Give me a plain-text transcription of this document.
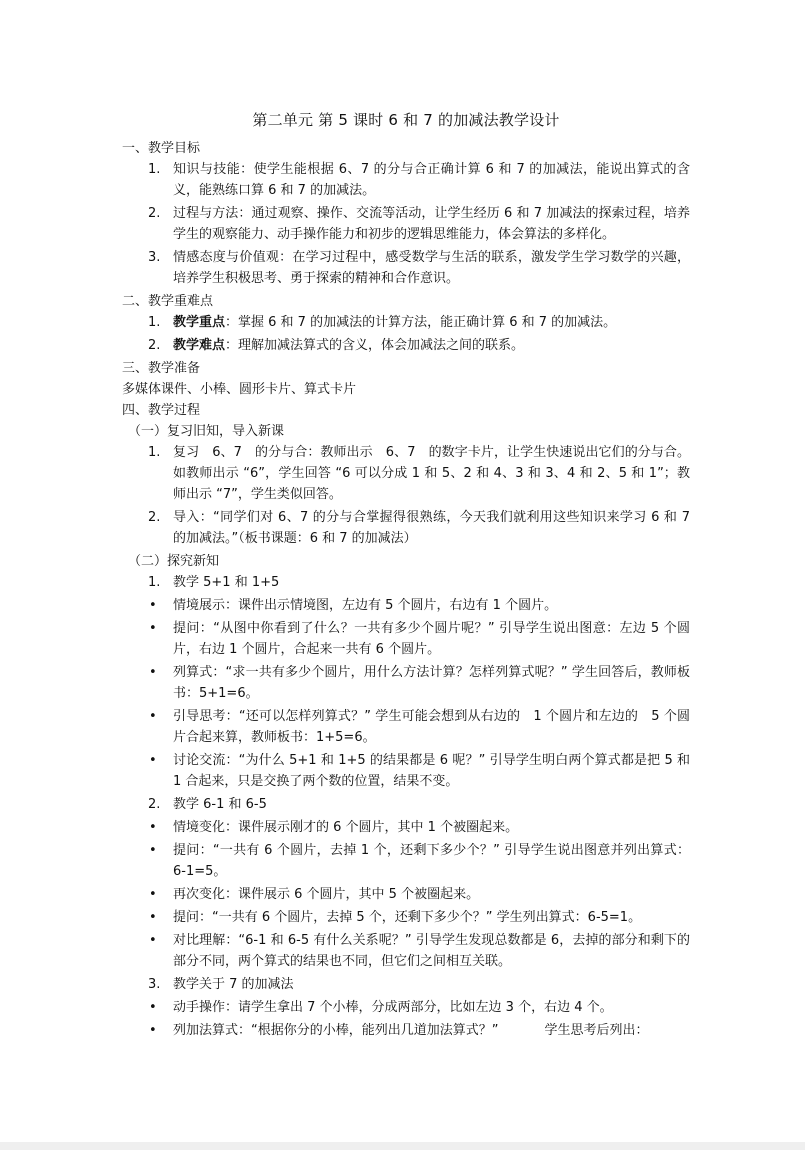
第二单元 第 5 课时 6 和 7 的加减法教学设计
一、教学目标
1. 知识与技能：使学生能根据 6、7 的分与合正确计算 6 和 7 的加减法，能说出算式的含义，能熟练口算 6 和 7 的加减法。
2. 过程与方法：通过观察、操作、交流等活动，让学生经历 6 和 7 加减法的探索过程，培养学生的观察能力、动手操作能力和初步的逻辑思维能力，体会算法的多样化。
3. 情感态度与价值观：在学习过程中，感受数学与生活的联系，激发学生学习数学的兴趣，培养学生积极思考、勇于探索的精神和合作意识。
二、教学重难点
1. 教学重点：掌握 6 和 7 的加减法的计算方法，能正确计算 6 和 7 的加减法。
2. 教学难点：理解加减法算式的含义，体会加减法之间的联系。
三、教学准备
多媒体课件、小棒、圆形卡片、算式卡片
四、教学过程
（一）复习旧知，导入新课
1. 复习　6、7　的分与合：教师出示　6、7　的数字卡片，让学生快速说出它们的分与合。如教师出示 “6”，学生回答 “6 可以分成 1 和 5、2 和 4、3 和 3、4 和 2、5 和 1”；教师出示 “7”，学生类似回答。
2. 导入：“同学们对 6、7 的分与合掌握得很熟练，今天我们就利用这些知识来学习 6 和 7 的加减法。”（板书课题：6 和 7 的加减法）
（二）探究新知
1. 教学 5+1 和 1+5
•	情境展示：课件出示情境图，左边有 5 个圆片，右边有 1 个圆片。
•	提问：“从图中你看到了什么？一共有多少个圆片呢？” 引导学生说出图意：左边 5 个圆片，右边 1 个圆片，合起来一共有 6 个圆片。
•	列算式：“求一共有多少个圆片，用什么方法计算？怎样列算式呢？” 学生回答后，教师板书：5+1=6。
•	引导思考：“还可以怎样列算式？” 学生可能会想到从右边的　1 个圆片和左边的　5 个圆片合起来算，教师板书：1+5=6。
•	讨论交流：“为什么 5+1 和 1+5 的结果都是 6 呢？” 引导学生明白两个算式都是把 5 和 1 合起来，只是交换了两个数的位置，结果不变。
2. 教学 6-1 和 6-5
•	情境变化：课件展示刚才的 6 个圆片，其中 1 个被圈起来。
•	提问：“一共有 6 个圆片，去掉 1 个，还剩下多少个？” 引导学生说出图意并列出算式：6-1=5。
•	再次变化：课件展示 6 个圆片，其中 5 个被圈起来。
•	提问：“一共有 6 个圆片，去掉 5 个，还剩下多少个？” 学生列出算式：6-5=1。
•	对比理解：“6-1 和 6-5 有什么关系呢？” 引导学生发现总数都是 6，去掉的部分和剩下的部分不同，两个算式的结果也不同，但它们之间相互关联。
3. 教学关于 7 的加减法
•	动手操作：请学生拿出 7 个小棒，分成两部分，比如左边 3 个，右边 4 个。
•	列加法算式：“根据你分的小棒，能列出几道加法算式？”	学生思考后列出：
